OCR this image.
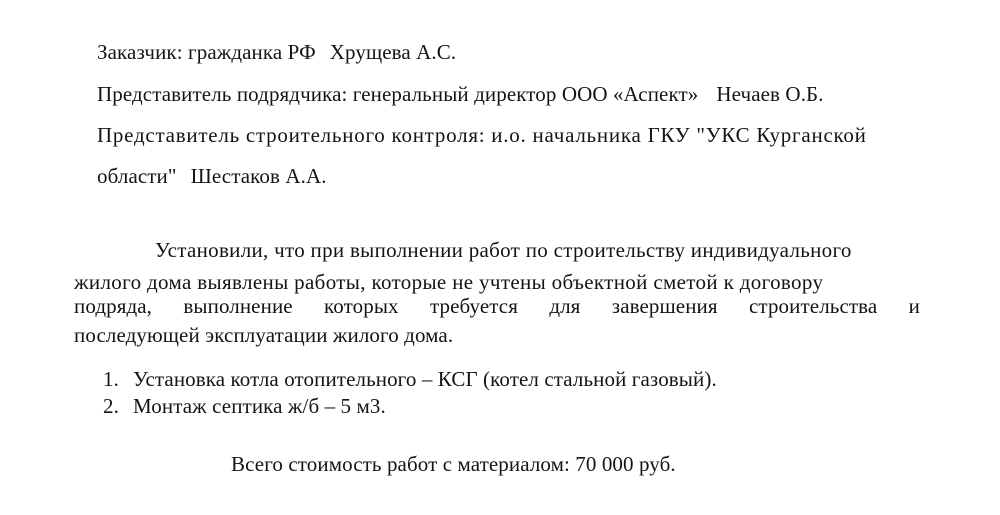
Заказчик: гражданка РФ Хрущева А.С.
Представитель подрядчика: генеральный директор ООО «Аспект» Нечаев О.Б.
Представитель строительного контроля: и.о. начальника ГКУ "УКС Курганской
области" Шестаков А.А.
Установили, что при выполнении работ по строительству индивидуального
жилого дома выявлены работы, которые не учтены объектной сметой к договору
подряда, выполнение которых требуется для завершения строительства и
последующей эксплуатации жилого дома.
1. Установка котла отопительного – КСГ (котел стальной газовый).
2. Монтаж септика ж/б – 5 м3.
Всего стоимость работ с материалом: 70 000 руб.
